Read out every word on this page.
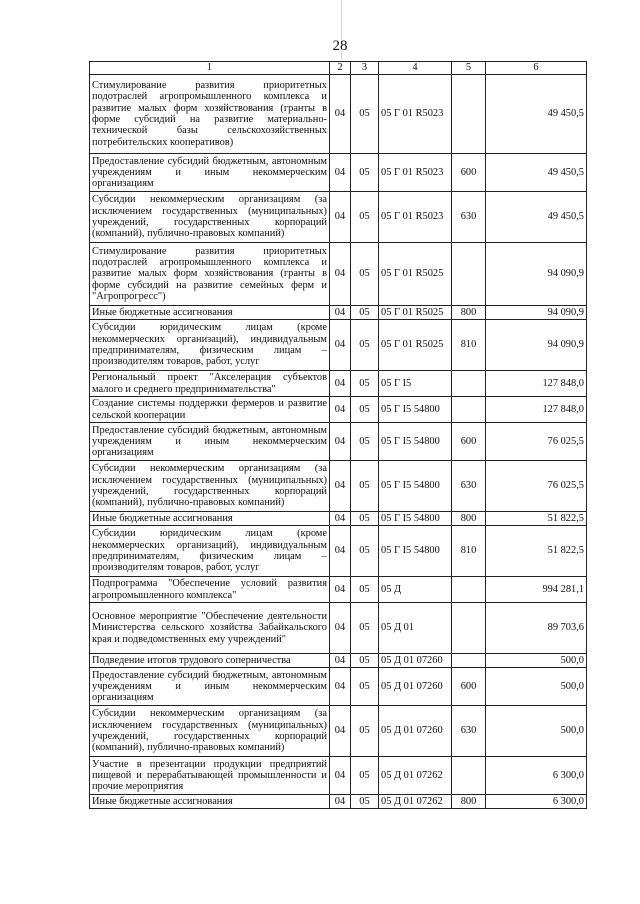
28
1	2	3	4	5	6
Стимулирование развития приоритетных подотраслей агропромышленного комплекса и развитие малых форм хозяйствования (гранты в форме субсидий на развитие материально-технической базы сельскохозяйственных потребительских кооперативов)	04	05	05 Г 01 R5023		49 450,5
Предоставление субсидий бюджетным, автономным учреждениям и иным некоммерческим организациям	04	05	05 Г 01 R5023	600	49 450,5
Субсидии некоммерческим организациям (за исключением государственных (муниципальных) учреждений, государственных корпораций (компаний), публично-правовых компаний)	04	05	05 Г 01 R5023	630	49 450,5
Стимулирование развития приоритетных подотраслей агропромышленного комплекса и развитие малых форм хозяйствования (гранты в форме субсидий на развитие семейных ферм и "Агропрогресс")	04	05	05 Г 01 R5025		94 090,9
Иные бюджетные ассигнования	04	05	05 Г 01 R5025	800	94 090,9
Субсидии юридическим лицам (кроме некоммерческих организаций), индивидуальным предпринимателям, физическим лицам – производителям товаров, работ, услуг	04	05	05 Г 01 R5025	810	94 090,9
Региональный проект "Акселерация субъектов малого и среднего предпринимательства"	04	05	05 Г I5		127 848,0
Создание системы поддержки фермеров и развитие сельской кооперации	04	05	05 Г I5 54800		127 848,0
Предоставление субсидий бюджетным, автономным учреждениям и иным некоммерческим организациям	04	05	05 Г I5 54800	600	76 025,5
Субсидии некоммерческим организациям (за исключением государственных (муниципальных) учреждений, государственных корпораций (компаний), публично-правовых компаний)	04	05	05 Г I5 54800	630	76 025,5
Иные бюджетные ассигнования	04	05	05 Г I5 54800	800	51 822,5
Субсидии юридическим лицам (кроме некоммерческих организаций), индивидуальным предпринимателям, физическим лицам – производителям товаров, работ, услуг	04	05	05 Г I5 54800	810	51 822,5
Подпрограмма "Обеспечение условий развития агропромышленного комплекса"	04	05	05 Д		994 281,1
Основное мероприятие "Обеспечение деятельности Министерства сельского хозяйства Забайкальского края и подведомственных ему учреждений"	04	05	05 Д 01		89 703,6
Подведение итогов трудового соперничества	04	05	05 Д 01 07260		500,0
Предоставление субсидий бюджетным, автономным учреждениям и иным некоммерческим организациям	04	05	05 Д 01 07260	600	500,0
Субсидии некоммерческим организациям (за исключением государственных (муниципальных) учреждений, государственных корпораций (компаний), публично-правовых компаний)	04	05	05 Д 01 07260	630	500,0
Участие в презентации продукции предприятий пищевой и перерабатывающей промышленности и прочие мероприятия	04	05	05 Д 01 07262		6 300,0
Иные бюджетные ассигнования	04	05	05 Д 01 07262	800	6 300,0
